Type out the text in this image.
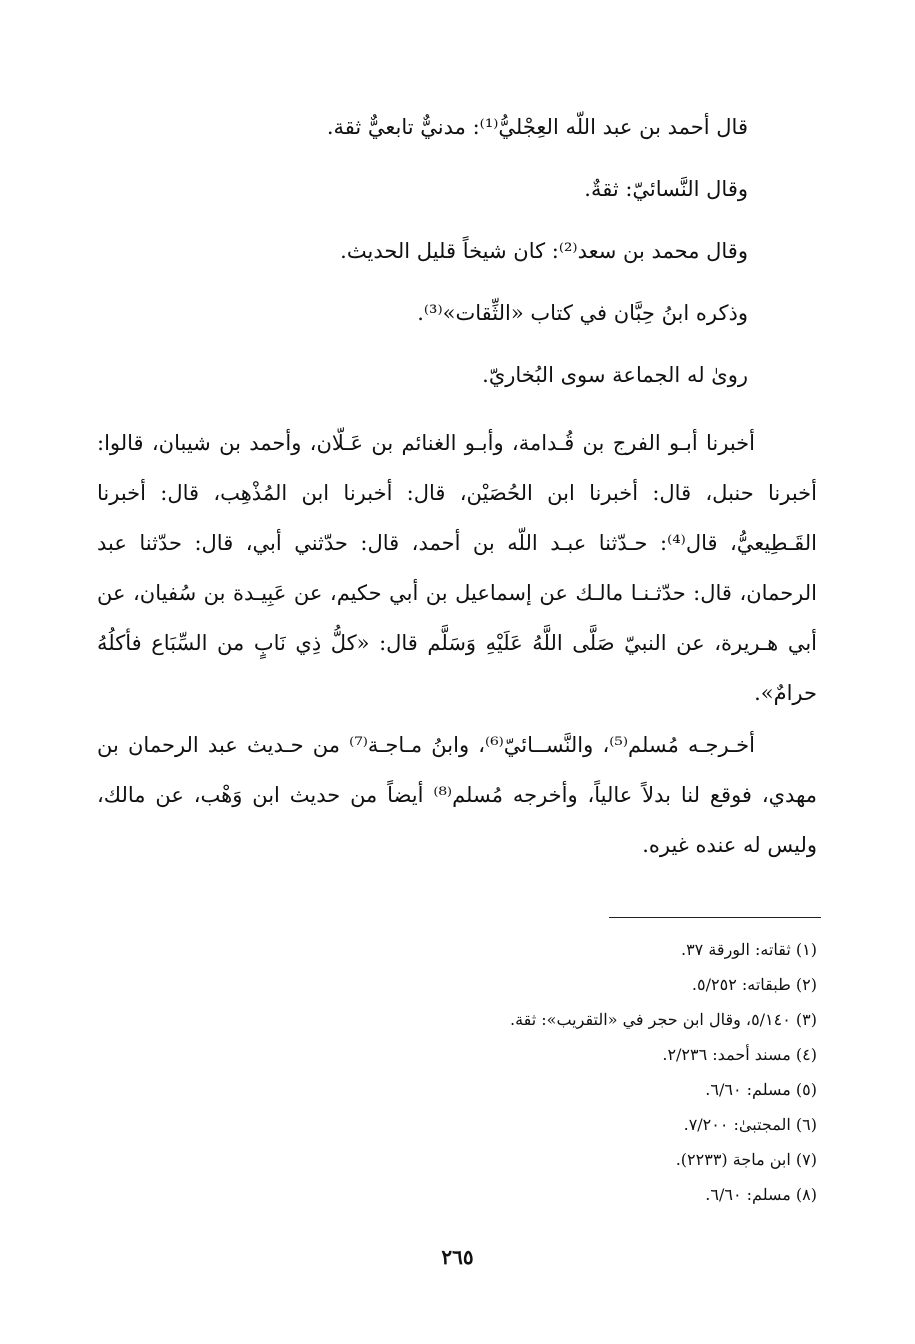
قال أحمد بن عبد اللّه العِجْليُّ⁽¹⁾: مدنيٌّ تابعيٌّ ثقة.
وقال النَّسائيّ: ثقةٌ.
وقال محمد بن سعد⁽²⁾: كان شيخاً قليل الحديث.
وذكره ابنُ حِبَّان في كتاب «الثِّقات»⁽³⁾.
روىٰ له الجماعة سوى البُخاريّ.
أخبرنا أبـو الفرج بن قُـدامة، وأبـو الغنائم بن عَـلّان، وأحمد بن شيبان، قالوا: أخبرنا حنبل، قال: أخبرنا ابن الحُصَيْن، قال: أخبرنا ابن المُذْهِب، قال: أخبرنا القَـطِيعيُّ، قال⁽⁴⁾: حـدّثنا عبـد اللّه بن أحمد، قال: حدّثني أبي، قال: حدّثنا عبد الرحمان، قال: حدّثـنـا مالـك عن إسماعيل بن أبي حكيم، عن عَبِيـدة بن سُفيان، عن أبي هـريرة، عن النبيّ صَلَّى اللَّهُ عَلَيْهِ وَسَلَّم قال: «كلُّ ذِي نَابٍ من السِّبَاع فأكلُهُ حرامٌ».
أخـرجـه مُسلم⁽⁵⁾، والنَّســائيّ⁽⁶⁾، وابنُ مـاجـة⁽⁷⁾ من حـديث عبد الرحمان بن مهدي، فوقع لنا بدلاً عالياً، وأخرجه مُسلم⁽⁸⁾ أيضاً من حديث ابن وَهْب، عن مالك، وليس له عنده غيره.
(١) ثقاته: الورقة ٣٧.
(٢) طبقاته: ٥/٢٥٢.
(٣) ٥/١٤٠، وقال ابن حجر في «التقريب»: ثقة.
(٤) مسند أحمد: ٢/٢٣٦.
(٥) مسلم: ٦/٦٠.
(٦) المجتبىٰ: ٧/٢٠٠.
(٧) ابن ماجة (٢٢٣٣).
(٨) مسلم: ٦/٦٠.
٢٦٥
